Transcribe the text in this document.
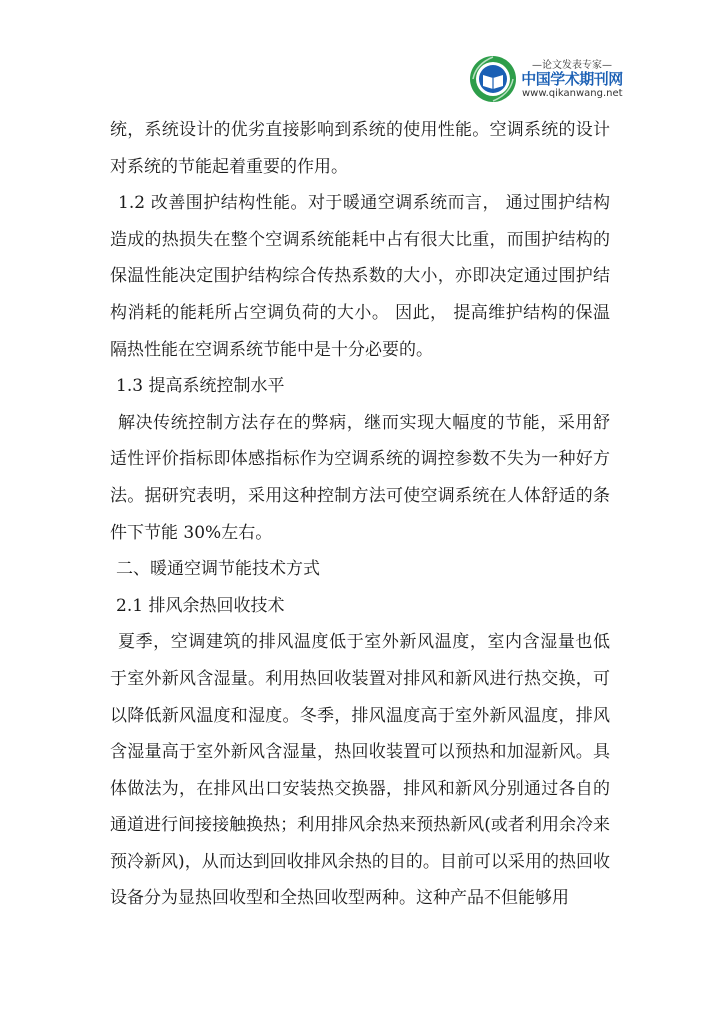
—论文发表专家—
中国学术期刊网
www.qikanwang.net

统，系统设计的优劣直接影响到系统的使用性能。空调系统的设计对系统的节能起着重要的作用。

1.2 改善围护结构性能。对于暖通空调系统而言， 通过围护结构造成的热损失在整个空调系统能耗中占有很大比重，而围护结构的保温性能决定围护结构综合传热系数的大小，亦即决定通过围护结构消耗的能耗所占空调负荷的大小。 因此， 提高维护结构的保温隔热性能在空调系统节能中是十分必要的。

1.3 提高系统控制水平

解决传统控制方法存在的弊病，继而实现大幅度的节能，采用舒适性评价指标即体感指标作为空调系统的调控参数不失为一种好方法。据研究表明，采用这种控制方法可使空调系统在人体舒适的条件下节能 30%左右。

二、暖通空调节能技术方式

2.1 排风余热回收技术

夏季，空调建筑的排风温度低于室外新风温度，室内含湿量也低于室外新风含湿量。利用热回收装置对排风和新风进行热交换，可以降低新风温度和湿度。冬季，排风温度高于室外新风温度，排风含湿量高于室外新风含湿量，热回收装置可以预热和加湿新风。具体做法为，在排风出口安装热交换器，排风和新风分别通过各自的通道进行间接接触换热；利用排风余热来预热新风(或者利用余冷来预冷新风)，从而达到回收排风余热的目的。目前可以采用的热回收设备分为显热回收型和全热回收型两种。这种产品不但能够用
